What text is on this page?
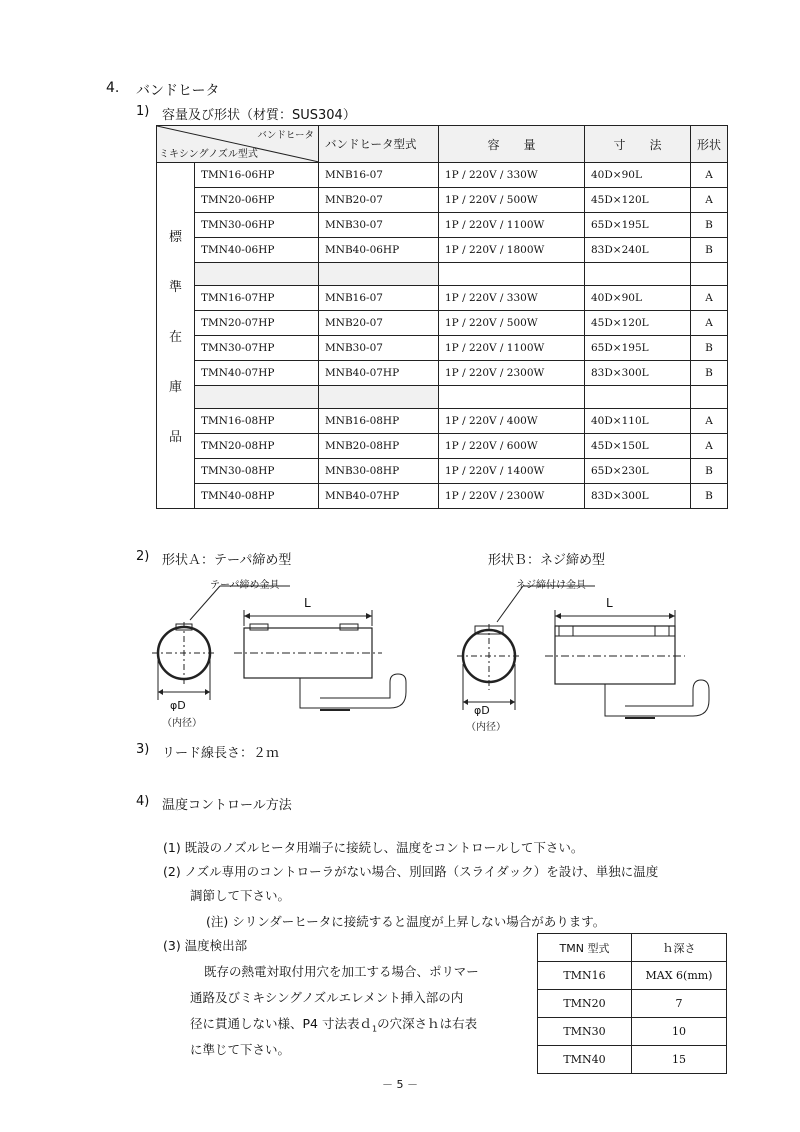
4. バンドヒータ
1) 容量及び形状（材質：SUS304）
バンドヒータ
ミキシングノズル型式		バンドヒータ型式	容　　量	寸　　法	形状

標
準
在
庫
品	TMN16-06HP	MNB16-07	1P / 220V / 330W	40D×90L	A
	TMN20-06HP	MNB20-07	1P / 220V / 500W	45D×120L	A
	TMN30-06HP	MNB30-07	1P / 220V / 1100W	65D×195L	B
	TMN40-06HP	MNB40-06HP	1P / 220V / 1800W	83D×240L	B

	TMN16-07HP	MNB16-07	1P / 220V / 330W	40D×90L	A
	TMN20-07HP	MNB20-07	1P / 220V / 500W	45D×120L	A
	TMN30-07HP	MNB30-07	1P / 220V / 1100W	65D×195L	B
	TMN40-07HP	MNB40-07HP	1P / 220V / 2300W	83D×300L	B

	TMN16-08HP	MNB16-08HP	1P / 220V / 400W	40D×110L	A
	TMN20-08HP	MNB20-08HP	1P / 220V / 600W	45D×150L	A
	TMN30-08HP	MNB30-08HP	1P / 220V / 1400W	65D×230L	B
	TMN40-08HP	MNB40-07HP	1P / 220V / 2300W	83D×300L	B
2) 形状Ａ：テーパ締め型	形状Ｂ：ネジ締め型
テーパ締め金具
L
φD
（内径）
ネジ締付け金具
L
φD
（内径）
3) リード線長さ：２ｍ
4) 温度コントロール方法
(1) 既設のノズルヒータ用端子に接続し、温度をコントロールして下さい。
(2) ノズル専用のコントローラがない場合、別回路（スライダック）を設け、単独に温度
調節して下さい。
(注) シリンダーヒータに接続すると温度が上昇しない場合があります。
(3) 温度検出部
既存の熱電対取付用穴を加工する場合、ポリマー
通路及びミキシングノズルエレメント挿入部の内
径に貫通しない様、P4 寸法表ｄ$_1$の穴深さｈは右表
に準じて下さい。
TMN 型式	ｈ深さ
TMN16	MAX 6(mm)
TMN20	7
TMN30	10
TMN40	15
－ 5 －
